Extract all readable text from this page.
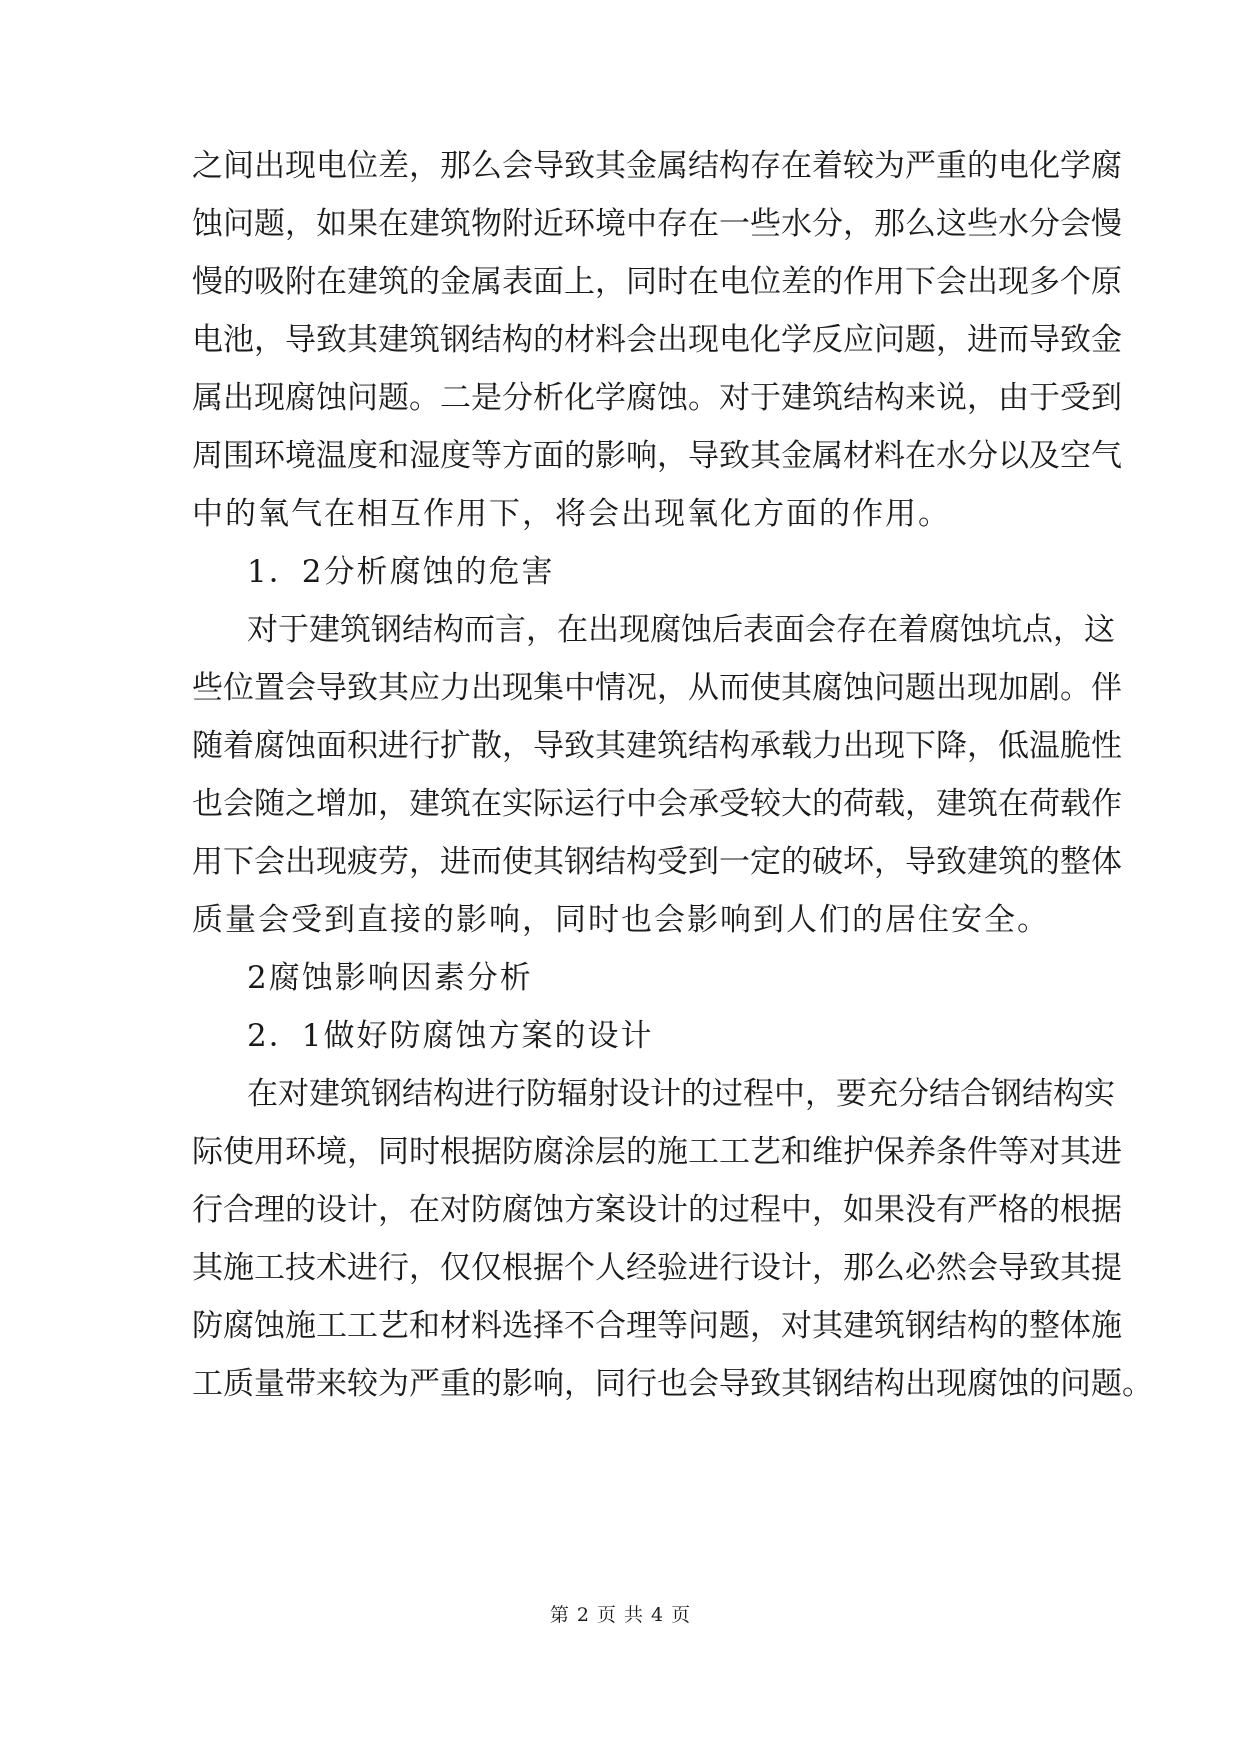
之间出现电位差，那么会导致其金属结构存在着较为严重的电化学腐
蚀问题，如果在建筑物附近环境中存在一些水分，那么这些水分会慢
慢的吸附在建筑的金属表面上，同时在电位差的作用下会出现多个原
电池，导致其建筑钢结构的材料会出现电化学反应问题，进而导致金
属出现腐蚀问题。二是分析化学腐蚀。对于建筑结构来说，由于受到
周围环境温度和湿度等方面的影响，导致其金属材料在水分以及空气
中的氧气在相互作用下，将会出现氧化方面的作用。
1．2分析腐蚀的危害
对于建筑钢结构而言，在出现腐蚀后表面会存在着腐蚀坑点，这
些位置会导致其应力出现集中情况，从而使其腐蚀问题出现加剧。伴
随着腐蚀面积进行扩散，导致其建筑结构承载力出现下降，低温脆性
也会随之增加，建筑在实际运行中会承受较大的荷载，建筑在荷载作
用下会出现疲劳，进而使其钢结构受到一定的破坏，导致建筑的整体
质量会受到直接的影响，同时也会影响到人们的居住安全。
2腐蚀影响因素分析
2．1做好防腐蚀方案的设计
在对建筑钢结构进行防辐射设计的过程中，要充分结合钢结构实
际使用环境，同时根据防腐涂层的施工工艺和维护保养条件等对其进
行合理的设计，在对防腐蚀方案设计的过程中，如果没有严格的根据
其施工技术进行，仅仅根据个人经验进行设计，那么必然会导致其提
防腐蚀施工工艺和材料选择不合理等问题，对其建筑钢结构的整体施
工质量带来较为严重的影响，同行也会导致其钢结构出现腐蚀的问题。
第 2 页 共 4 页
